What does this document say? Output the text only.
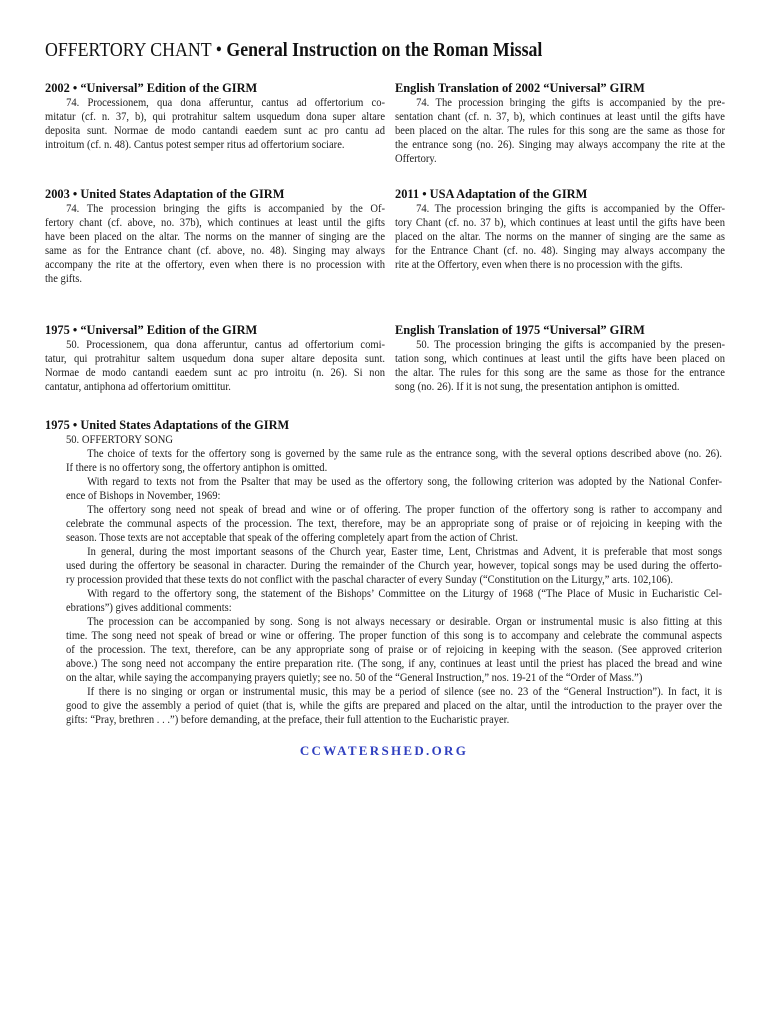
OFFERTORY CHANT • General Instruction on the Roman Missal
2002 • “Universal” Edition of the GIRM
74. Processionem, qua dona afferuntur, cantus ad offertorium co-
mitatur (cf. n. 37, b), qui protrahitur saltem usquedum dona super altare
deposita sunt. Normae de modo cantandi eaedem sunt ac pro cantu ad
introitum (cf. n. 48). Cantus potest semper ritus ad offertorium sociare.
English Translation of 2002 “Universal” GIRM
74. The procession bringing the gifts is accompanied by the pre-
sentation chant (cf. n. 37, b), which continues at least until the gifts have
been placed on the altar. The rules for this song are the same as those for
the entrance song (no. 26). Singing may always accompany the rite at the
Offertory.
2003 • United States Adaptation of the GIRM
74. The procession bringing the gifts is accompanied by the Of-
fertory chant (cf. above, no. 37b), which continues at least until the gifts
have been placed on the altar. The norms on the manner of singing are the
same as for the Entrance chant (cf. above, no. 48). Singing may always
accompany the rite at the offertory, even when there is no procession with
the gifts.
2011 • USA Adaptation of the GIRM
74. The procession bringing the gifts is accompanied by the Offer-
tory Chant (cf. no. 37 b), which continues at least until the gifts have been
placed on the altar. The norms on the manner of singing are the same as
for the Entrance Chant (cf. no. 48). Singing may always accompany the
rite at the Offertory, even when there is no procession with the gifts.
1975 • “Universal” Edition of the GIRM
50. Processionem, qua dona afferuntur, cantus ad offertorium comi-
tatur, qui protrahitur saltem usquedum dona super altare deposita sunt.
Normae de modo cantandi eaedem sunt ac pro introitu (n. 26). Si non
cantatur, antiphona ad offertorium omittitur.
English Translation of 1975 “Universal” GIRM
50. The procession bringing the gifts is accompanied by the presen-
tation song, which continues at least until the gifts have been placed on
the altar. The rules for this song are the same as those for the entrance
song (no. 26). If it is not sung, the presentation antiphon is omitted.
1975 • United States Adaptations of the GIRM
50. OFFERTORY SONG
The choice of texts for the offertory song is governed by the same rule as the entrance song, with the several options described above (no. 26).
If there is no offertory song, the offertory antiphon is omitted.
With regard to texts not from the Psalter that may be used as the offertory song, the following criterion was adopted by the National Confer-
ence of Bishops in November, 1969:
The offertory song need not speak of bread and wine or of offering. The proper function of the offertory song is rather to accompany and
celebrate the communal aspects of the procession. The text, therefore, may be an appropriate song of praise or of rejoicing in keeping with the
season. Those texts are not acceptable that speak of the offering completely apart from the action of Christ.
In general, during the most important seasons of the Church year, Easter time, Lent, Christmas and Advent, it is preferable that most songs
used during the offertory be seasonal in character. During the remainder of the Church year, however, topical songs may be used during the offerto-
ry procession provided that these texts do not conflict with the paschal character of every Sunday (“Constitution on the Liturgy,” arts. 102,106).
With regard to the offertory song, the statement of the Bishops’ Committee on the Liturgy of 1968 (“The Place of Music in Eucharistic Cel-
ebrations”) gives additional comments:
The procession can be accompanied by song. Song is not always necessary or desirable. Organ or instrumental music is also fitting at this
time. The song need not speak of bread or wine or offering. The proper function of this song is to accompany and celebrate the communal aspects
of the procession. The text, therefore, can be any appropriate song of praise or of rejoicing in keeping with the season. (See approved criterion
above.) The song need not accompany the entire preparation rite. (The song, if any, continues at least until the priest has placed the bread and wine
on the altar, while saying the accompanying prayers quietly; see no. 50 of the “General Instruction,” nos. 19-21 of the “Order of Mass.”)
If there is no singing or organ or instrumental music, this may be a period of silence (see no. 23 of the “General Instruction”). In fact, it is
good to give the assembly a period of quiet (that is, while the gifts are prepared and placed on the altar, until the introduction to the prayer over the
gifts: “Pray, brethren . . .”) before demanding, at the preface, their full attention to the Eucharistic prayer.
CCWATERSHED.ORG
